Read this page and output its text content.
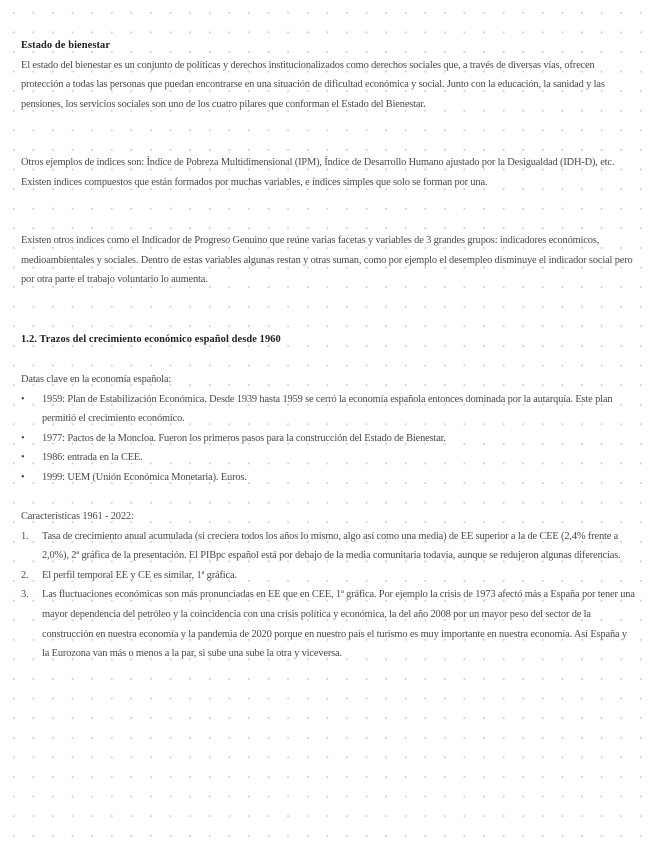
Estado de bienestar

El estado del bienestar es un conjunto de políticas y derechos institucionalizados como derechos sociales que, a través de diversas vías, ofrecen protección a todas las personas que puedan encontrarse en una situación de dificultad económica y social. Junto con la educación, la sanidad y las pensiones, los servicios sociales son uno de los cuatro pilares que conforman el Estado del Bienestar.

Otros ejemplos de índices son: Índice de Pobreza Multidimensional (IPM), Índice de Desarrollo Humano ajustado por la Desigualdad (IDH-D), etc. Existen índices compuestos que están formados por muchas variables, e índices simples que solo se forman por una.
Existen otros índices como el Indicador de Progreso Genuino que reúne varias facetas y variables de 3 grandes grupos: indicadores económicos, medioambientales y sociales. Dentro de estas variables algunas restan y otras suman, como por ejemplo el desempleo disminuye el indicador social pero por otra parte el trabajo voluntario lo aumenta.
1.2. Trazos del crecimiento económico español desde 1960

Datas clave en la economía española:

• 1959: Plan de Estabilización Económica. Desde 1939 hasta 1959 se cerró la economía española entonces dominada por la autarquía. Este plan permitió el crecimiento económico.
• 1977: Pactos de la Moncloa. Fueron los primeros pasos para la construcción del Estado de Bienestar.
• 1986: entrada en la CEE.
• 1999: UEM (Unión Económica Monetaria). Euros.

Características 1961 - 2022:

1. Tasa de crecimiento anual acumulada (si creciera todos los años lo mismo, algo así como una media) de EE superior a la de CEE (2,4% frente a 2,0%), 2ª gráfica de la presentación. El PIBpc español está por debajo de la media comunitaria todavía, aunque se redujeron algunas diferencias.
2. El perfil temporal EE y CE es similar, 1ª gráfica.
3. Las fluctuaciones económicas son más pronunciadas en EE que en CEE, 1ª gráfica. Por ejemplo la crisis de 1973 afectó más a España por tener una mayor dependencia del petróleo y la coincidencia con una crisis política y económica, la del año 2008 por un mayor peso del sector de la construcción en nuestra economía y la pandemia de 2020 porque en nuestro país el turismo es muy importante en nuestra economía. Así España y la Eurozona van más o menos a la par, si sube una sube la otra y viceversa.
